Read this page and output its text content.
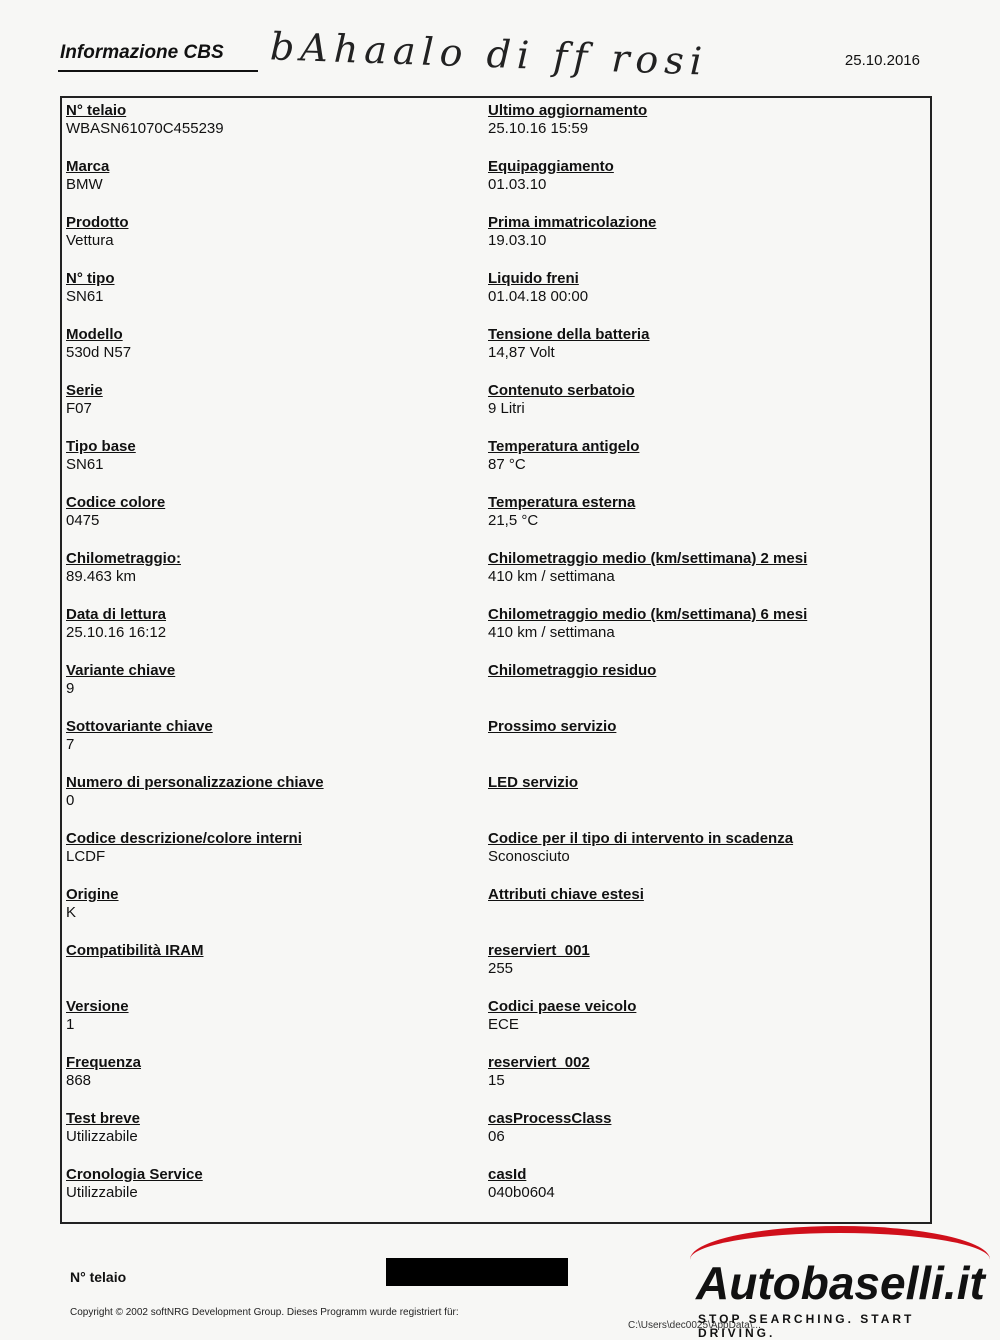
Informazione CBS bAhaalo di ff rosi	25.10.2016
N° telaio
WBASN61070C455239
Marca
BMW
Prodotto
Vettura
N° tipo
SN61
Modello
530d N57
Serie
F07
Tipo base
SN61
Codice colore
0475
Chilometraggio:
89.463 km
Data di lettura
25.10.16 16:12
Variante chiave
9
Sottovariante chiave
7
Numero di personalizzazione chiave
0
Codice descrizione/colore interni
LCDF
Origine
K
Compatibilità IRAM
Versione
1
Frequenza
868
Test breve
Utilizzabile
Cronologia Service
Utilizzabile
Ultimo aggiornamento
25.10.16 15:59
Equipaggiamento
01.03.10
Prima immatricolazione
19.03.10
Liquido freni
01.04.18 00:00
Tensione della batteria
14,87 Volt
Contenuto serbatoio
9 Litri
Temperatura antigelo
87 °C
Temperatura esterna
21,5 °C
Chilometraggio medio (km/settimana) 2 mesi
410 km / settimana
Chilometraggio medio (km/settimana) 6 mesi
410 km / settimana
Chilometraggio residuo
Prossimo servizio
LED servizio
Codice per il tipo di intervento in scadenza
Sconosciuto
Attributi chiave estesi
reserviert_001
255
Codici paese veicolo
ECE
reserviert_002
15
casProcessClass
06
casId
040b0604
N° telaio
Copyright © 2002 softNRG Development Group. Dieses Programm wurde registriert für:
C:\Users\dec0025\AppData\...
Autobaselli.it
STOP SEARCHING. START DRIVING.
